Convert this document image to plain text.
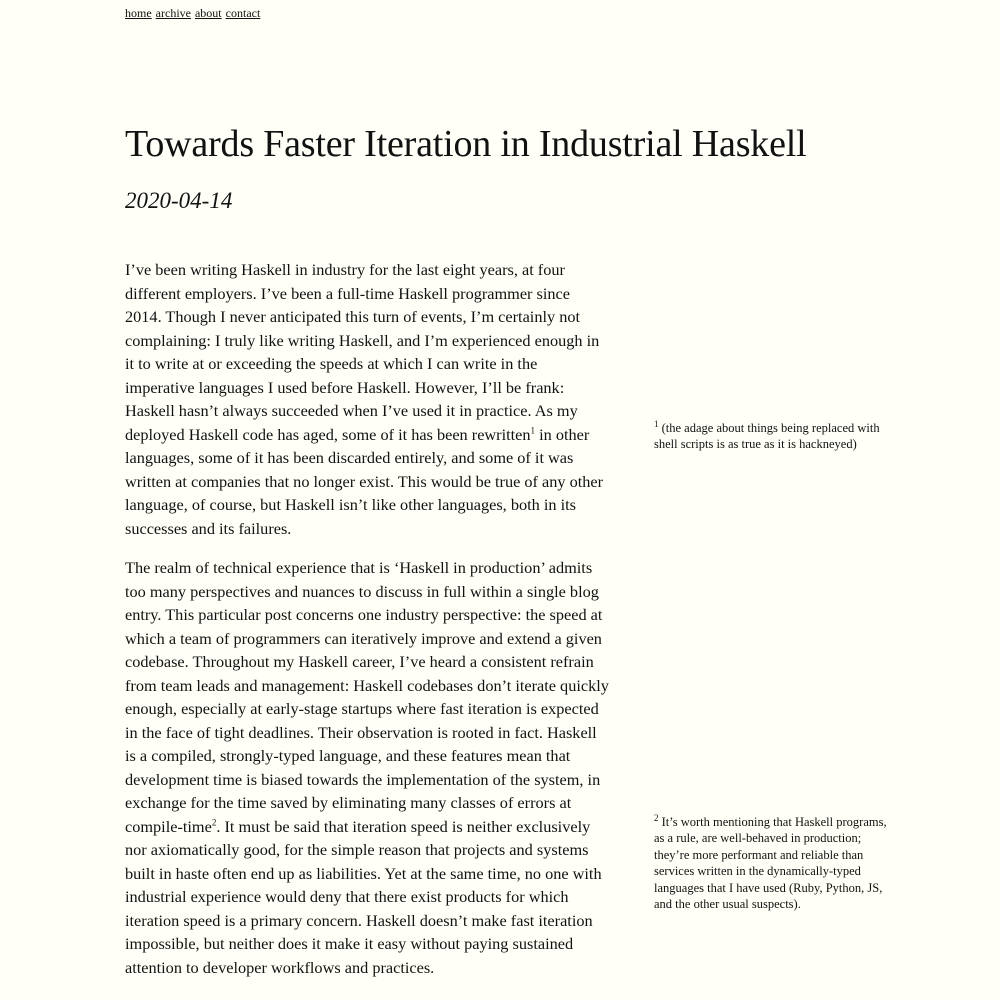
home archive about contact
Towards Faster Iteration in Industrial Haskell
2020-04-14

I’ve been writing Haskell in industry for the last eight years, at four different employers. I’ve been a full-time Haskell programmer since 2014. Though I never anticipated this turn of events, I’m certainly not complaining: I truly like writing Haskell, and I’m experienced enough in it to write at or exceeding the speeds at which I can write in the imperative languages I used before Haskell. However, I’ll be frank: Haskell hasn’t always succeeded when I’ve used it in practice. As my deployed Haskell code has aged, some of it has been rewritten$^1$ in other languages, some of it has been discarded entirely, and some of it was written at companies that no longer exist. This would be true of any other language, of course, but Haskell isn’t like other languages, both in its successes and its failures.

The realm of technical experience that is ‘Haskell in production’ admits too many perspectives and nuances to discuss in full within a single blog entry. This particular post concerns one industry perspective: the speed at which a team of programmers can iteratively improve and extend a given codebase. Throughout my Haskell career, I’ve heard a consistent refrain from team leads and management: Haskell codebases don’t iterate quickly enough, especially at early-stage startups where fast iteration is expected in the face of tight deadlines. Their observation is rooted in fact. Haskell is a compiled, strongly-typed language, and these features mean that development time is biased towards the implementation of the system, in exchange for the time saved by eliminating many classes of errors at compile-time$^2$. It must be said that iteration speed is neither exclusively nor axiomatically good, for the simple reason that projects and systems built in haste often end up as liabilities. Yet at the same time, no one with industrial experience would deny that there exist products for which iteration speed is a primary concern. Haskell doesn’t make fast iteration impossible, but neither does it make it easy without paying sustained attention to developer workflows and practices.

$^1$ (the adage about things being replaced with shell scripts is as true as it is hackneyed)
$^2$ It’s worth mentioning that Haskell programs, as a rule, are well-behaved in production; they’re more performant and reliable than services written in the dynamically-typed languages that I have used (Ruby, Python, JS, and the other usual suspects).
